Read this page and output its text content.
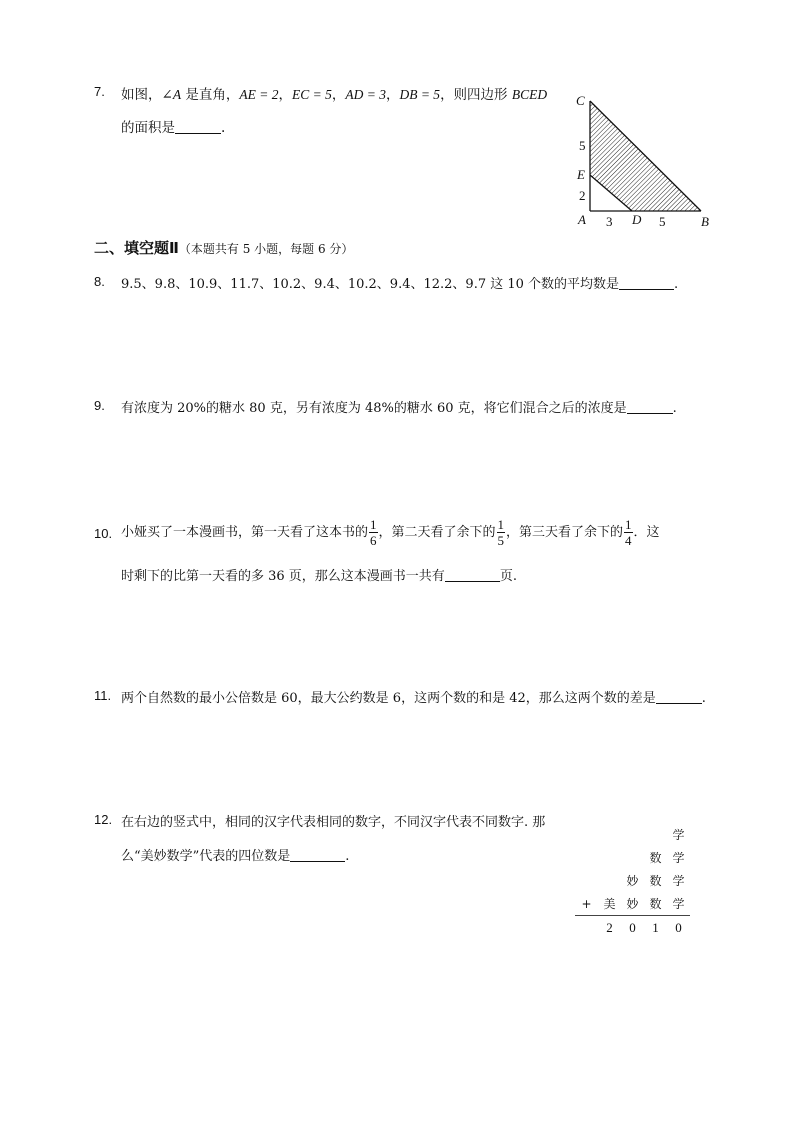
7. 如图，∠A 是直角，AE = 2，EC = 5，AD = 3，DB = 5，则四边形 BCED
的面积是	.
C
5
E
2
A 3 D 5	B
二、填空题Ⅱ（本题共有 5 小题，每题 6 分）
8. 9.5、9.8、10.9、11.7、10.2、9.4、10.2、9.4、12.2、9.7 这 10 个数的平均数是	.
9. 有浓度为 20%的糖水 80 克，另有浓度为 48%的糖水 60 克，将它们混合之后的浓度是	.
10. 小娅买了一本漫画书，第一天看了这本书的 $\frac{1}{6}$ ，第二天看了余下的 $\frac{1}{5}$ ，第三天看了余下的 $\frac{1}{4}$ ．这
时剩下的比第一天看的多 36 页，那么这本漫画书一共有	页.
11. 两个自然数的最小公倍数是 60，最大公约数是 6，这两个数的和是 42，那么这两个数的差是	.
12. 在右边的竖式中，相同的汉字代表相同的数字，不同汉字代表不同数字. 那
么“美妙数学”代表的四位数是	.
				学
			数	学
		妙	数	学
+	美	妙	数	学
	2	0	1	0
